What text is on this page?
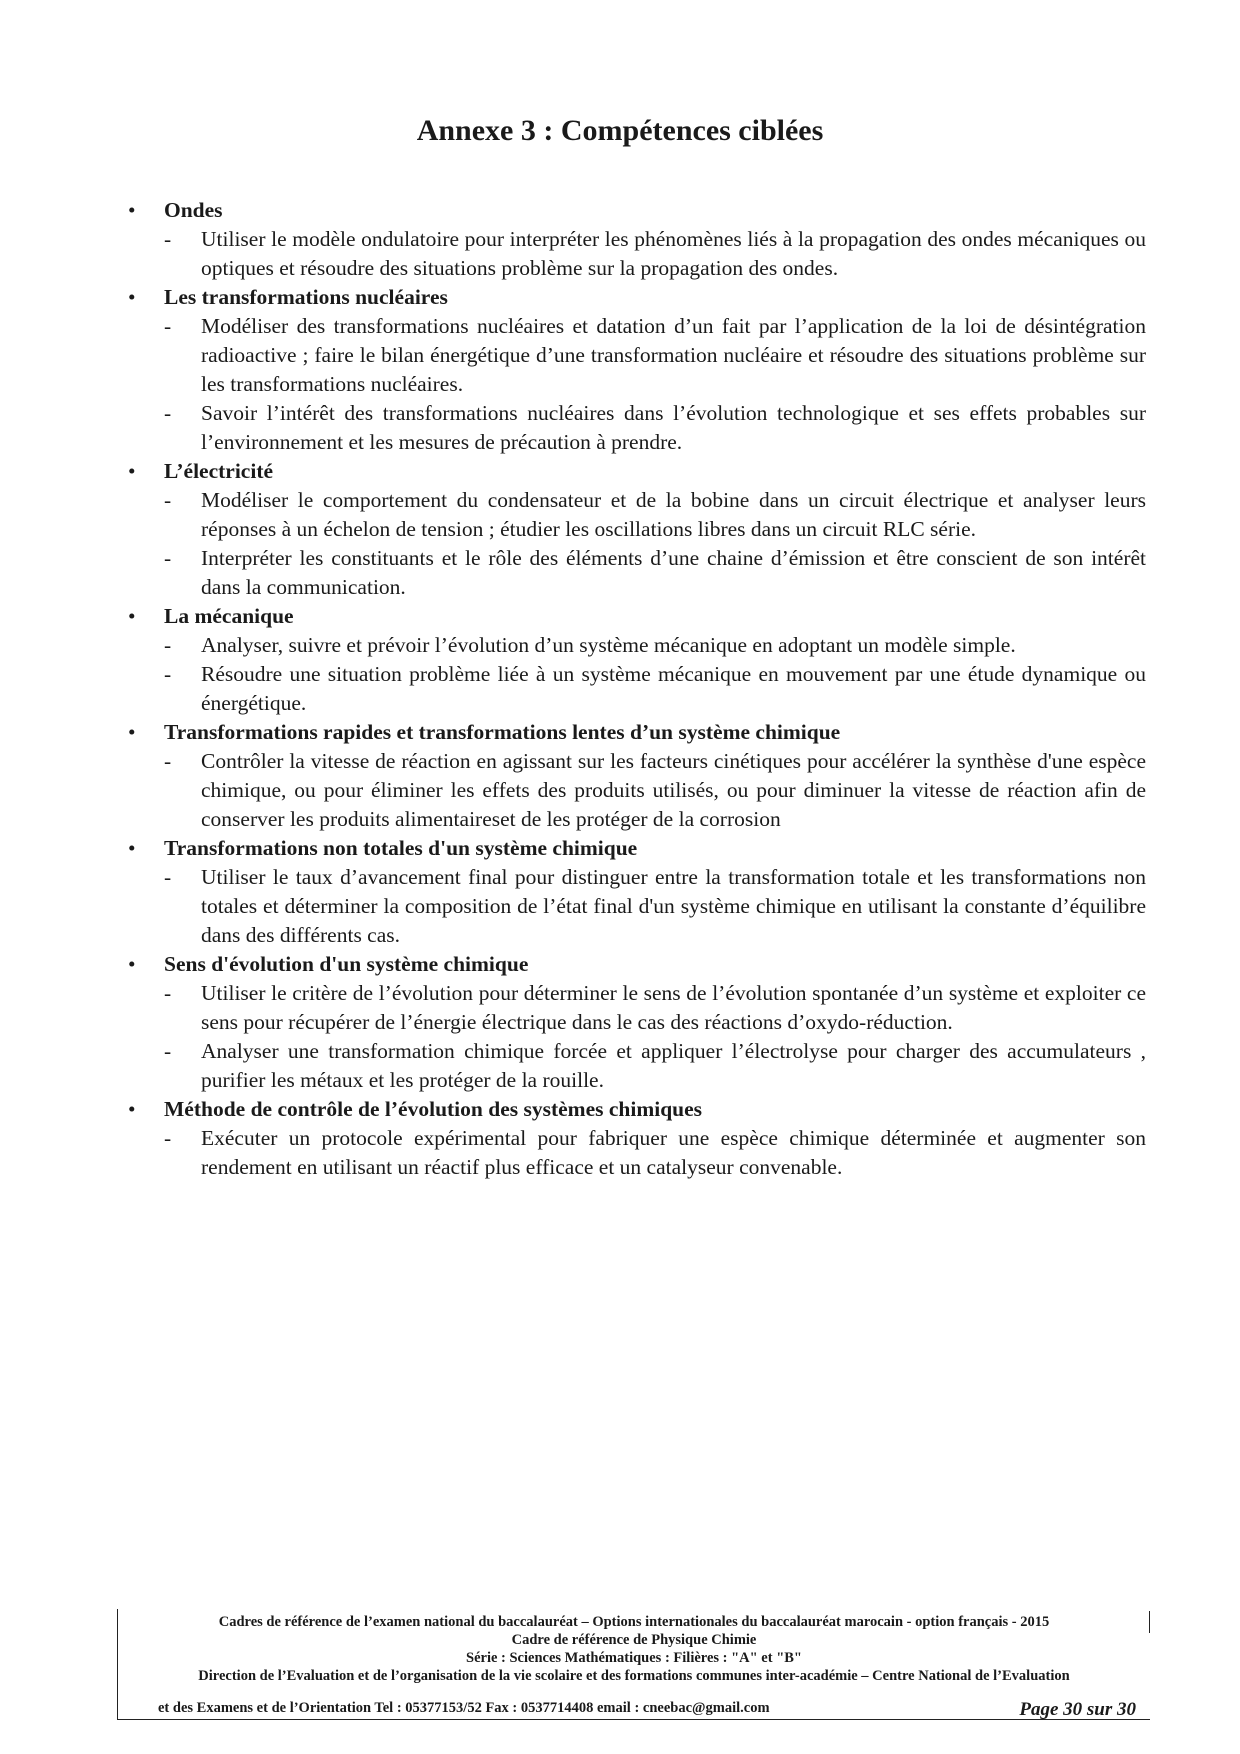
Annexe 3 : Compétences ciblées
• Ondes
- Utiliser le modèle ondulatoire pour interpréter les phénomènes liés à la propagation des ondes mécaniques ou optiques et résoudre des situations problème sur la propagation des ondes.
• Les transformations nucléaires
- Modéliser des transformations nucléaires et datation d’un fait par l’application de la loi de désintégration radioactive ; faire le bilan énergétique d’une transformation nucléaire et résoudre des situations problème sur les transformations nucléaires.
- Savoir l’intérêt des transformations nucléaires dans l’évolution technologique et ses effets probables sur l’environnement et les mesures de précaution à prendre.
• L’électricité
- Modéliser le comportement du condensateur et de la bobine dans un circuit électrique et analyser leurs réponses à un échelon de tension ; étudier les oscillations libres dans un circuit RLC série.
- Interpréter les constituants et le rôle des éléments d’une chaine d’émission et être conscient de son intérêt dans la communication.
• La mécanique
- Analyser, suivre et prévoir l’évolution d’un système mécanique en adoptant un modèle simple.
- Résoudre une situation problème liée à un système mécanique en mouvement par une étude dynamique ou énergétique.
• Transformations rapides et transformations lentes d’un système chimique
- Contrôler la vitesse de réaction en agissant sur les facteurs cinétiques pour accélérer la synthèse d'une espèce chimique, ou pour éliminer les effets des produits utilisés, ou pour diminuer la vitesse de réaction afin de conserver les produits alimentaireset de les protéger de la corrosion
• Transformations non totales d'un système chimique
- Utiliser le taux d’avancement final pour distinguer entre la transformation totale et les transformations non totales et déterminer la composition de l’état final d'un système chimique en utilisant la constante d’équilibre dans des différents cas.
• Sens d'évolution d'un système chimique
- Utiliser le critère de l’évolution pour déterminer le sens de l’évolution spontanée d’un système et exploiter ce sens pour récupérer de l’énergie électrique dans le cas des réactions d’oxydo-réduction.
- Analyser une transformation chimique forcée et appliquer l’électrolyse pour charger des accumulateurs , purifier les métaux et les protéger de la rouille.
• Méthode de contrôle de l’évolution des systèmes chimiques
- Exécuter un protocole expérimental pour fabriquer une espèce chimique déterminée et augmenter son rendement en utilisant un réactif plus efficace et un catalyseur convenable.
Cadres de référence de l’examen national du baccalauréat – Options internationales du baccalauréat marocain - option français - 2015
Cadre de référence de Physique Chimie
Série : Sciences Mathématiques : Filières : "A" et "B"
Direction de l’Evaluation et de l’organisation de la vie scolaire et des formations communes inter-académie – Centre National de l’Evaluation
et des Examens et de l’Orientation Tel : 05377153/52 Fax : 0537714408 email : cneebac@gmail.com	Page 30 sur 30
